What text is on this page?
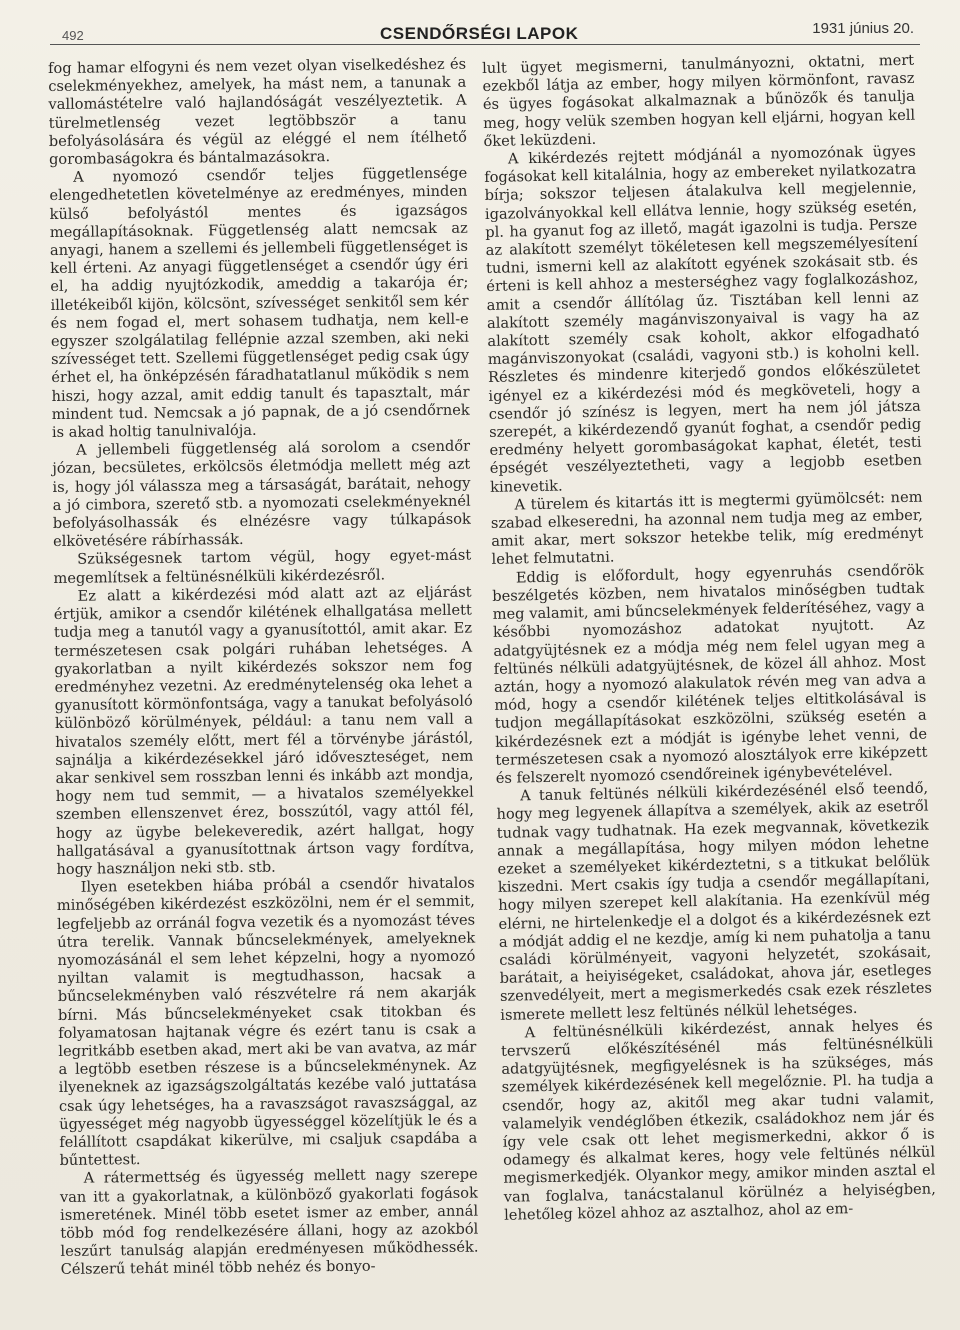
492	CSENDŐRSÉGI LAPOK	1931 június 20.

fog hamar elfogyni és nem vezet olyan viselkedéshez és cselekményekhez, amelyek, ha mást nem, a tanunak a vallomástételre való hajlandóságát veszélyeztetik. A türelmetlenség vezet legtöbbször a tanu befolyásolására és végül az eléggé el nem ítélhető gorombaságokra és bántalmazásokra.

A nyomozó csendőr teljes függetlensége elengedhetetlen követelménye az eredményes, minden külső befolyástól mentes és igazságos megállapításoknak. Függetlenség alatt nemcsak az anyagi, hanem a szellemi és jellembeli függetlenséget is kell érteni. Az anyagi függetlenséget a csendőr úgy éri el, ha addig nyujtózkodik, ameddig a takarója ér; illetékeiből kijön, kölcsönt, szívességet senkitől sem kér és nem fogad el, mert sohasem tudhatja, nem kell-e egyszer szolgálatilag fellépnie azzal szemben, aki neki szívességet tett. Szellemi függetlenséget pedig csak úgy érhet el, ha önképzésén fáradhatatlanul működik s nem hiszi, hogy azzal, amit eddig tanult és tapasztalt, már mindent tud. Nemcsak a jó papnak, de a jó csendőrnek is akad holtig tanulnivalója.

A jellembeli függetlenség alá sorolom a csendőr józan, becsületes, erkölcsös életmódja mellett még azt is, hogy jól válassza meg a társaságát, barátait, nehogy a jó cimbora, szerető stb. a nyomozati cselekményeknél befolyásolhassák és elnézésre vagy túlkapások elkövetésére rábírhassák.

Szükségesnek tartom végül, hogy egyet-mást megemlítsek a feltünésnélküli kikérdezésről.

Ez alatt a kikérdezési mód alatt azt az eljárást értjük, amikor a csendőr kilétének elhallgatása mellett tudja meg a tanutól vagy a gyanusítottól, amit akar. Ez természetesen csak polgári ruhában lehetséges. A gyakorlatban a nyilt kikérdezés sokszor nem fog eredményhez vezetni. Az eredménytelenség oka lehet a gyanusított körmönfontsága, vagy a tanukat befolyásoló különböző körülmények, például: a tanu nem vall a hivatalos személy előtt, mert fél a törvénybe járástól, sajnálja a kikérdezésekkel járó időveszteséget, nem akar senkivel sem rosszban lenni és inkább azt mondja, hogy nem tud semmit, — a hivatalos személyekkel szemben ellenszenvet érez, bosszútól, vagy attól fél, hogy az ügybe belekeveredik, azért hallgat, hogy hallgatásával a gyanusítottnak ártson vagy fordítva, hogy használjon neki stb. stb.

Ilyen esetekben hiába próbál a csendőr hivatalos minőségében kikérdezést eszközölni, nem ér el semmit, legfeljebb az orránál fogva vezetik és a nyomozást téves útra terelik. Vannak bűncselekmények, amelyeknek nyomozásánál el sem lehet képzelni, hogy a nyomozó nyiltan valamit is megtudhasson, hacsak a bűncselekményben való részvételre rá nem akarják bírni. Más bűncselekményeket csak titokban és folyamatosan hajtanak végre és ezért tanu is csak a legritkább esetben akad, mert aki be van avatva, az már a legtöbb esetben részese is a bűncselekménynek. Az ilyeneknek az igazságszolgáltatás kezébe való juttatása csak úgy lehetséges, ha a ravaszságot ravaszsággal, az ügyességet még nagyobb ügyességgel közelítjük le és a felállított csapdákat kikerülve, mi csaljuk csapdába a bűntettest.

A rátermettség és ügyesség mellett nagy szerepe van itt a gyakorlatnak, a különböző gyakorlati fogások ismeretének. Minél több esetet ismer az ember, annál több mód fog rendelkezésére állani, hogy az azokból leszűrt tanulság alapján eredményesen működhessék. Célszerű tehát minél több nehéz és bonyo-

lult ügyet megismerni, tanulmányozni, oktatni, mert ezekből látja az ember, hogy milyen körmönfont, ravasz és ügyes fogásokat alkalmaznak a bűnözők és tanulja meg, hogy velük szemben hogyan kell eljárni, hogyan kell őket leküzdeni.

A kikérdezés rejtett módjánál a nyomozónak ügyes fogásokat kell kitalálnia, hogy az embereket nyilatkozatra bírja; sokszor teljesen átalakulva kell megjelennie, igazolványokkal kell ellátva lennie, hogy szükség esetén, pl. ha gyanut fog az illető, magát igazolni is tudja. Persze az alakított személyt tökéletesen kell megszemélyesítení tudni, ismerni kell az alakított egyének szokásait stb. és érteni is kell ahhoz a mesterséghez vagy foglalkozáshoz, amit a csendőr állítólag űz. Tisztában kell lenni az alakított személy magánviszonyaival is vagy ha az alakított személy csak koholt, akkor elfogadható magánviszonyokat (családi, vagyoni stb.) is koholni kell. Részletes és mindenre kiterjedő gondos előkészületet igényel ez a kikérdezési mód és megköveteli, hogy a csendőr jó színész is legyen, mert ha nem jól játsza szerepét, a kikérdezendő gyanút foghat, a csendőr pedig eredmény helyett gorombaságokat kaphat, életét, testi épségét veszélyeztetheti, vagy a legjobb esetben kinevetik.

A türelem és kitartás itt is megtermi gyümölcsét: nem szabad elkeseredni, ha azonnal nem tudja meg az ember, amit akar, mert sokszor hetekbe telik, míg eredményt lehet felmutatni.

Eddig is előfordult, hogy egyenruhás csendőrök beszélgetés közben, nem hivatalos minőségben tudtak meg valamit, ami bűncselekmények felderítéséhez, vagy a későbbi nyomozáshoz adatokat nyujtott. Az adatgyüjtésnek ez a módja még nem felel ugyan meg a feltünés nélküli adatgyüjtésnek, de közel áll ahhoz. Most aztán, hogy a nyomozó alakulatok révén meg van adva a mód, hogy a csendőr kilétének teljes eltitkolásával is tudjon megállapításokat eszközölni, szükség esetén a kikérdezésnek ezt a módját is igénybe lehet venni, de természetesen csak a nyomozó alosztályok erre kiképzett és felszerelt nyomozó csendőreinek igénybevételével.

A tanuk feltünés nélküli kikérdezésénél első teendő, hogy meg legyenek állapítva a személyek, akik az esetről tudnak vagy tudhatnak. Ha ezek megvannak, következik annak a megállapítása, hogy milyen módon lehetne ezeket a személyeket kikérdeztetni, s a titkukat belőlük kiszedni. Mert csakis így tudja a csendőr megállapítani, hogy milyen szerepet kell alakítania. Ha ezenkívül még elérni, ne hirtelenkedje el a dolgot és a kikérdezésnek ezt a módját addig el ne kezdje, amíg ki nem puhatolja a tanu családi körülményeit, vagyoni helyzetét, szokásait, barátait, a heiyiségeket, családokat, ahova jár, esetleges szenvedélyeit, mert a megismerkedés csak ezek részletes ismerete mellett lesz feltünés nélkül lehetséges.

A feltünésnélküli kikérdezést, annak helyes és tervszerű előkészítésénél más feltünésnélküli adatgyüjtésnek, megfigyelésnek is ha szükséges, más személyek kikérdezésének kell megelőzniе. Pl. ha tudja a csendőr, hogy az, akitől meg akar tudni valamit, valamelyik vendéglőben étkezik, családokhoz nem jár és így vele csak ott lehet megismerkedni, akkor ő is odamegy és alkalmat keres, hogy vele feltünés nélkül megismerkedjék. Olyankor megy, amikor minden asztal el van foglalva, tanácstalanul körülnéz a helyiségben, lehetőleg közel ahhoz az asztalhoz, ahol az em-
